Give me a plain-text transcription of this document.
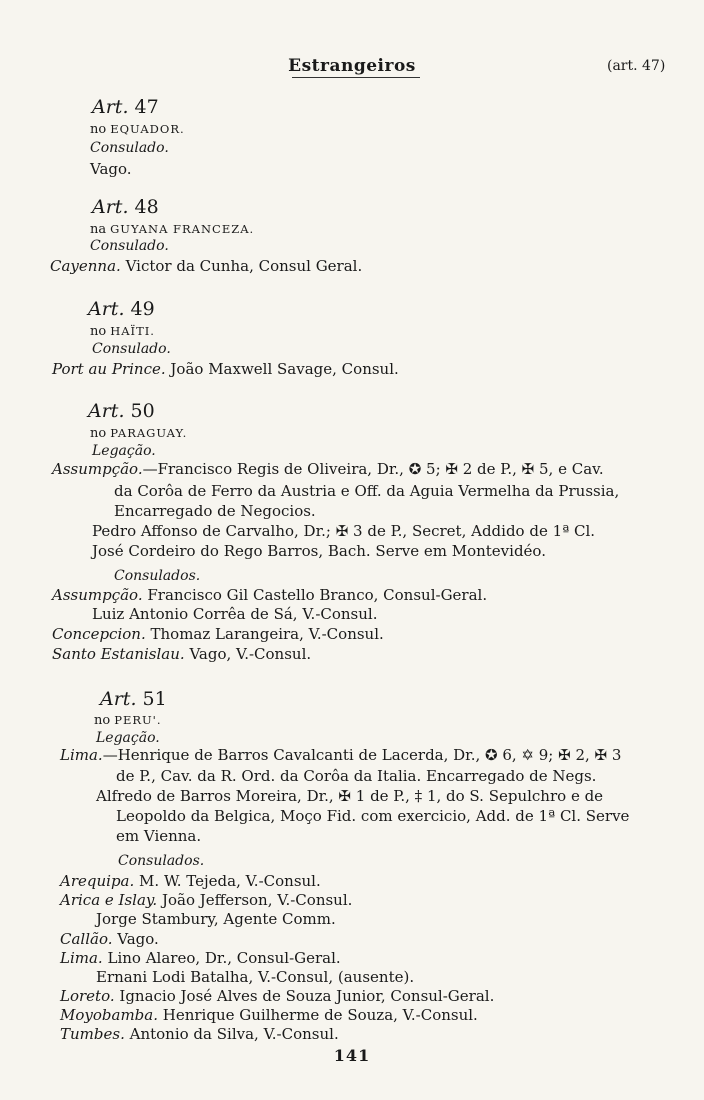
Estrangeiros	(art. 47)
Art. 47
no EQUADOR.
Consulado.
Vago.
Art. 48
na GUYANA FRANCEZA.
Consulado.
Cayenna. Victor da Cunha, Consul Geral.
Art. 49
no HAÏTI.
Consulado.
Port au Prince. João Maxwell Savage, Consul.
Art. 50
no PARAGUAY.
Legação.
Assumpção.—Francisco Regis de Oliveira, Dr., ✪ 5; ✠ 2 de P., ✠ 5, e Cav.
da Corôa de Ferro da Austria e Off. da Aguia Vermelha da Prussia,
Encarregado de Negocios.
Pedro Affonso de Carvalho, Dr.; ✠ 3 de P., Secret, Addido de 1ª Cl.
José Cordeiro do Rego Barros, Bach. Serve em Montevidéo.
Consulados.
Assumpção. Francisco Gil Castello Branco, Consul-Geral.
Luiz Antonio Corrêa de Sá, V.-Consul.
Concepcion. Thomaz Larangeira, V.-Consul.
Santo Estanislau. Vago, V.-Consul.
Art. 51
no PERU'.
Legação.
Lima.—Henrique de Barros Cavalcanti de Lacerda, Dr., ✪ 6, ✡ 9; ✠ 2, ✠ 3
de P., Cav. da R. Ord. da Corôa da Italia. Encarregado de Negs.
Alfredo de Barros Moreira, Dr., ✠ 1 de P., ‡ 1, do S. Sepulchro e de
Leopoldo da Belgica, Moço Fid. com exercicio, Add. de 1ª Cl. Serve
em Vienna.
Consulados.
Arequipa. M. W. Tejeda, V.-Consul.
Arica e Islay. João Jefferson, V.-Consul.
Jorge Stambury, Agente Comm.
Callão. Vago.
Lima. Lino Alareo, Dr., Consul-Geral.
Ernani Lodi Batalha, V.-Consul, (ausente).
Loreto. Ignacio José Alves de Souza Junior, Consul-Geral.
Moyobamba. Henrique Guilherme de Souza, V.-Consul.
Tumbes. Antonio da Silva, V.-Consul.
141
